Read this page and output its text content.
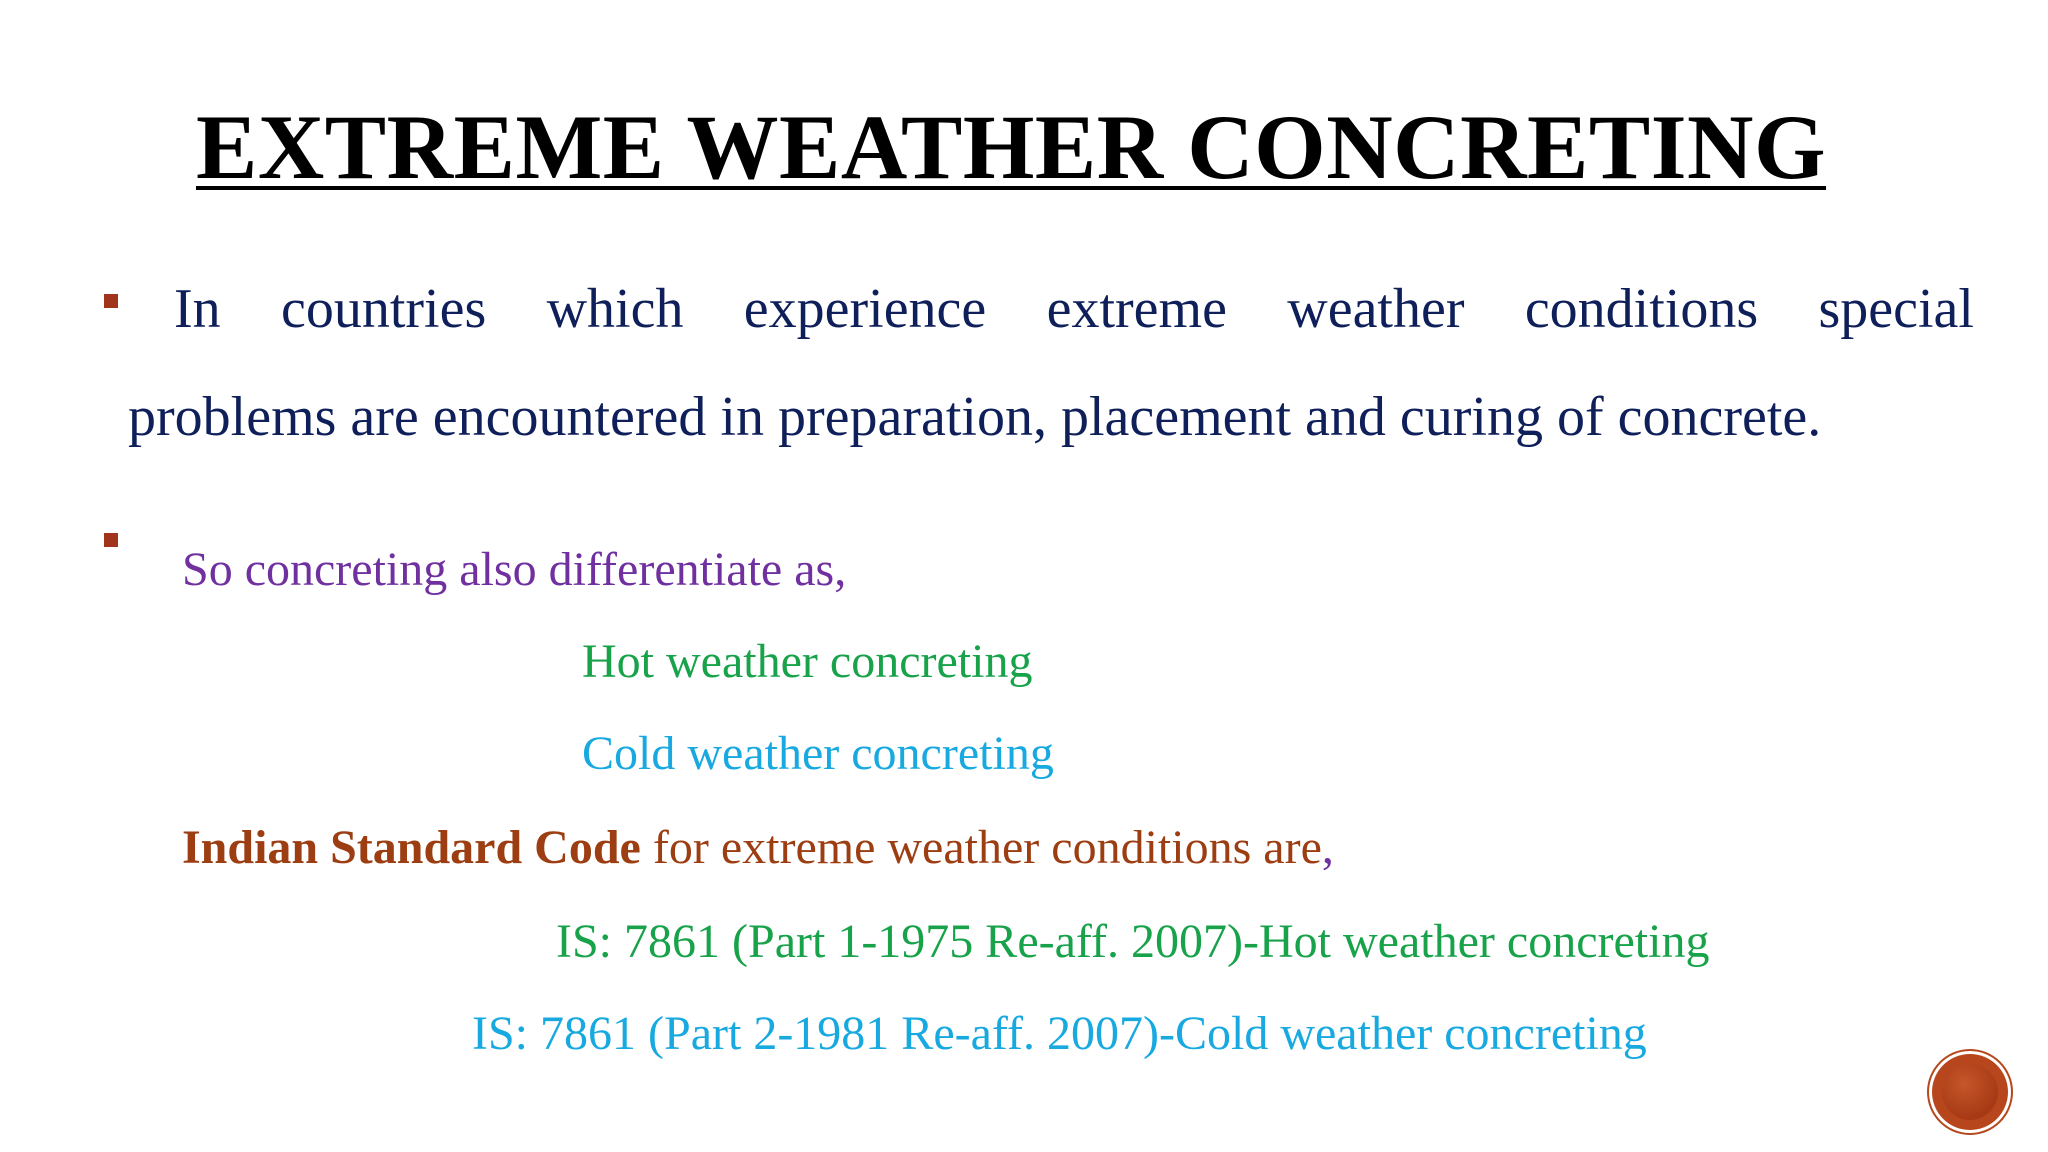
EXTREME WEATHER CONCRETING
In countries which experience extreme weather conditions special
problems are encountered in preparation, placement and curing of concrete.
So concreting also differentiate as,
Hot weather concreting
Cold weather concreting
Indian Standard Code for extreme weather conditions are,
IS: 7861 (Part 1-1975 Re-aff. 2007)-Hot weather concreting
IS: 7861 (Part 2-1981 Re-aff. 2007)-Cold weather concreting
